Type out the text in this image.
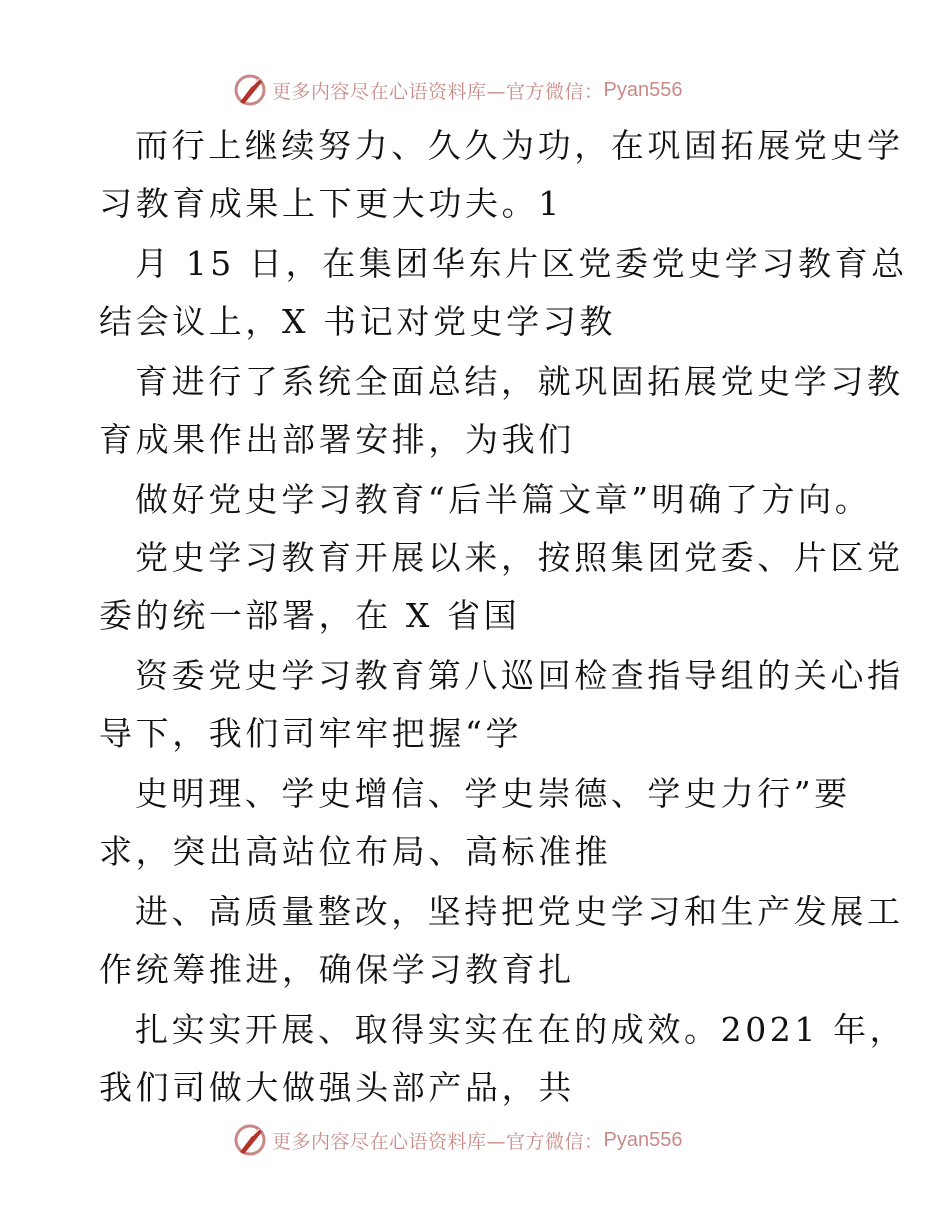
更多内容尽在心语资料库—官方微信： Pyan556
而行上继续努力、久久为功，在巩固拓展党史学
习教育成果上下更大功夫。1
月 15 日，在集团华东片区党委党史学习教育总
结会议上，X 书记对党史学习教
育进行了系统全面总结，就巩固拓展党史学习教
育成果作出部署安排，为我们
做好党史学习教育“后半篇文章”明确了方向。
党史学习教育开展以来，按照集团党委、片区党
委的统一部署，在 X 省国
资委党史学习教育第八巡回检查指导组的关心指
导下，我们司牢牢把握“学
史明理、学史增信、学史崇德、学史力行”要
求，突出高站位布局、高标准推
进、高质量整改，坚持把党史学习和生产发展工
作统筹推进，确保学习教育扎
扎实实开展、取得实实在在的成效。2021 年，
我们司做大做强头部产品，共
更多内容尽在心语资料库—官方微信： Pyan556
